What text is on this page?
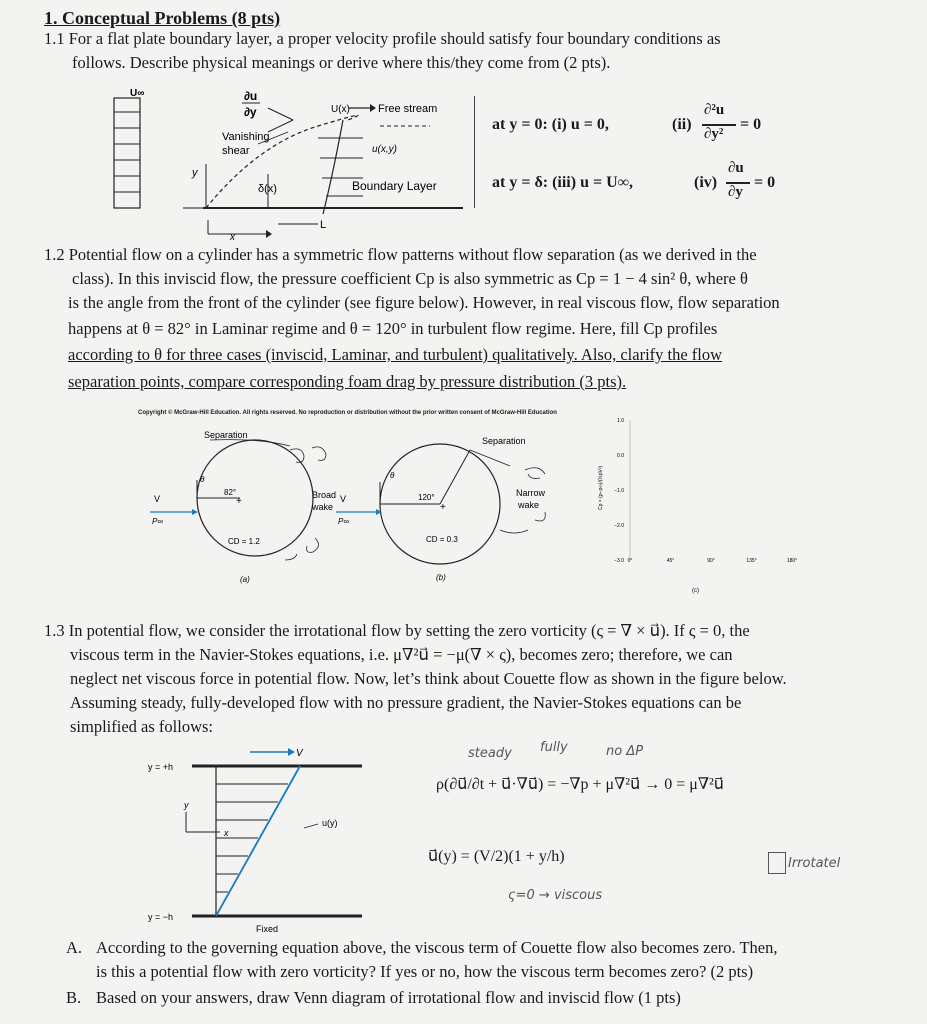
1. Conceptual Problems (8 pts)
1.1 For a flat plate boundary layer, a proper velocity profile should satisfy four boundary conditions as
follows. Describe physical meanings or derive where this/they come from (2 pts).
U∞
y
∂u
∂y
Vanishing
shear
U(x)	Free stream
u(x,y)
δ(x)	Boundary Layer
x
L
at y = 0: (i) u = 0,	(ii)
∂²u
∂y²
= 0
at y = δ: (iii) u = U∞,	(iv)
∂u
∂y
= 0
1.2 Potential flow on a cylinder has a symmetric flow patterns without flow separation (as we derived in the
class). In this inviscid flow, the pressure coefficient Cp is also symmetric as Cp = 1 − 4 sin² θ, where θ
is the angle from the front of the cylinder (see figure below). However, in real viscous flow, flow separation
happens at θ = 82° in Laminar regime and θ = 120° in turbulent flow regime. Here, fill Cp profiles
according to θ for three cases (inviscid, Laminar, and turbulent) qualitatively. Also, clarify the flow
separation points, compare corresponding foam drag by pressure distribution (3 pts).
Copyright © McGraw-Hill Education. All rights reserved. No reproduction or distribution without the prior written consent of McGraw-Hill Education
Separation
V
P∞
θ
82°
+
Broad
wake
CD = 1.2
(a)
Separation
V
P∞
θ
120°
+
Narrow
wake
CD = 0.3
(b)
Cp = (p−p∞)/(½ρV²)
(c)
1.0
0.0
−1.0
−2.0
−3.0 0°	45°	90°	135°	180°
1.3 In potential flow, we consider the irrotational flow by setting the zero vorticity (ς = ∇ × u⃗). If ς = 0, the
viscous term in the Navier-Stokes equations, i.e. μ∇²u⃗ = −μ(∇ × ς), becomes zero; therefore, we can
neglect net viscous force in potential flow. Now, let’s think about Couette flow as shown in the figure below.
Assuming steady, fully-developed flow with no pressure gradient, the Navier-Stokes equations can be
simplified as follows:
V
y = +h
y = −h
y
x
u(y)
Fixed
steady fully	no ΔP
ρ(∂u⃗/∂t + u⃗·∇u⃗) = −∇p + μ∇²u⃗ → 0 = μ∇²u⃗
u⃗(y) = (V/2)(1 + y/h)
ς=0 → viscous
Irrotatel
A. According to the governing equation above, the viscous term of Couette flow also becomes zero. Then,
is this a potential flow with zero vorticity? If yes or no, how the viscous term becomes zero? (2 pts)
B. Based on your answers, draw Venn diagram of irrotational flow and inviscid flow (1 pts)
